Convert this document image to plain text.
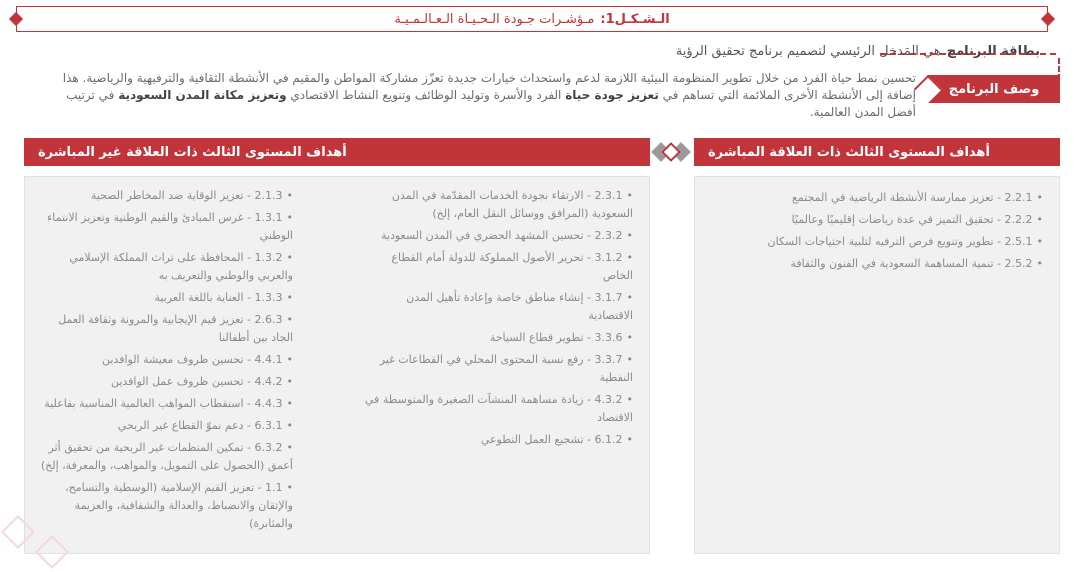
الـشـكـل1:
مـؤشـرات جـودة الـحـيـاة الـعـالـمـيـة
بطاقة البرنامج
هي المَدخل الرئيسي لتصميم برنامج تحقيق الرؤية
وصف البرنامج
تحسين نمط حياة الفرد من خلال تطوير المنظومة البيئية اللازمة لدعم واستحداث خيارات جديدة تعزّز مشاركة المواطن والمقيم في الأنشطة الثقافية والترفيهية والرياضية. هذا إضافة إلى الأنشطة الأخرى الملائمة التي تساهم في تعزيز جودة حياة الفرد والأسرة وتوليد الوظائف وتنويع النشاط الاقتصادي وتعزيز مكانة المدن السعودية في ترتيب أفضل المدن العالمية.
أهداف المستوى الثالث ذات العلاقة المباشرة
أهداف المستوى الثالث ذات العلاقة غير المباشرة
•2.2.1 - تعزيز ممارسة الأنشطة الرياضية في المجتمع
•2.2.2 - تحقيق التميز في عدة رياضات إقليميًا وعالميًا
•2.5.1 - تطوير وتنويع فرص الترفيه لتلبية احتياجات السكان
•2.5.2 - تنمية المساهمة السعودية في الفنون والثقافة
•2.3.1 - الارتقاء بجودة الخدمات المقدّمة في المدن السعودية (المرافق ووسائل النقل العام، إلخ)
•2.3.2 - تحسين المشهد الحضري في المدن السعودية
•3.1.2 - تحرير الأصول المملوكة للدولة أمام القطاع الخاص
•3.1.7 - إنشاء مناطق خاصة وإعادة تأهيل المدن الاقتصادية
•3.3.6 - تطوير قطاع السياحة
•3.3.7 - رفع نسبة المحتوى المحلي في القطاعات غير النفطية
•4.3.2 - زيادة مساهمة المنشآت الصغيرة والمتوسطة في الاقتصاد
•6.1.2 - تشجيع العمل التطوعي
•2.1.3 - تعزيز الوقاية ضد المخاطر الصحية
•1.3.1 - غرس المبادئ والقيم الوطنية وتعزيز الانتماء الوطني
•1.3.2 - المحافظة على تراث المملكة الإسلامي والعربي والوطني والتعريف به
•1.3.3 - العناية باللغة العربية
•2.6.3 - تعزيز قيم الإيجابية والمرونة وثقافة العمل الجاد بين أطفالنا
•4.4.1 - تحسين ظروف معيشة الوافدين
•4.4.2 - تحسين ظروف عمل الوافدين
•4.4.3 - استقطاب المواهب العالمية المناسبة بفاعلية
•6.3.1 - دعم نموّ القطاع غير الربحي
•6.3.2 - تمكين المنظمات غير الربحية من تحقيق أثر أعمق (الحصول على التمويل، والمواهب، والمعرفة، إلخ)
•1.1 - تعزيز القيم الإسلامية (الوسطية والتسامح، والإتقان والانضباط، والعدالة والشفافية، والعزيمة والمثابرة)
